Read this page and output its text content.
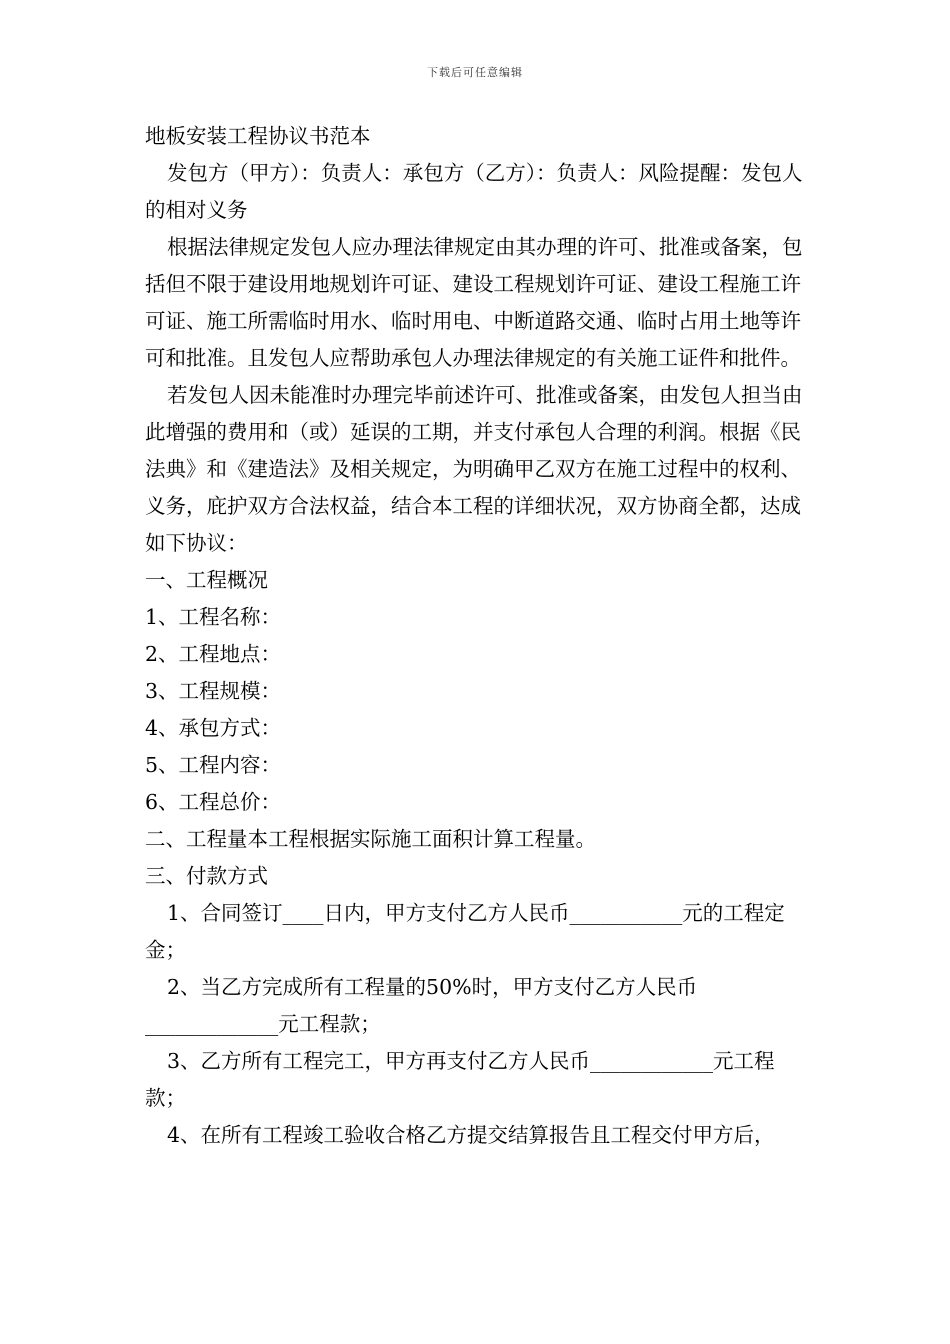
下载后可任意编辑

地板安装工程协议书范本

发包方（甲方）：负责人：承包方（乙方）：负责人：风险提醒：发包人的相对义务

根据法律规定发包人应办理法律规定由其办理的许可、批准或备案，包括但不限于建设用地规划许可证、建设工程规划许可证、建设工程施工许可证、施工所需临时用水、临时用电、中断道路交通、临时占用土地等许可和批准。且发包人应帮助承包人办理法律规定的有关施工证件和批件。

若发包人因未能准时办理完毕前述许可、批准或备案，由发包人担当由此增强的费用和（或）延误的工期，并支付承包人合理的利润。根据《民法典》和《建造法》及相关规定，为明确甲乙双方在施工过程中的权利、义务，庇护双方合法权益，结合本工程的详细状况，双方协商全都，达成如下协议：

一、工程概况

1、工程名称：

2、工程地点：

3、工程规模：

4、承包方式：

5、工程内容：

6、工程总价：

二、工程量本工程根据实际施工面积计算工程量。

三、付款方式

1、合同签订____日内，甲方支付乙方人民币___________元的工程定金；

2、当乙方完成所有工程量的50%时，甲方支付乙方人民币_____________元工程款；

3、乙方所有工程完工，甲方再支付乙方人民币____________元工程款；

4、在所有工程竣工验收合格乙方提交结算报告且工程交付甲方后，
